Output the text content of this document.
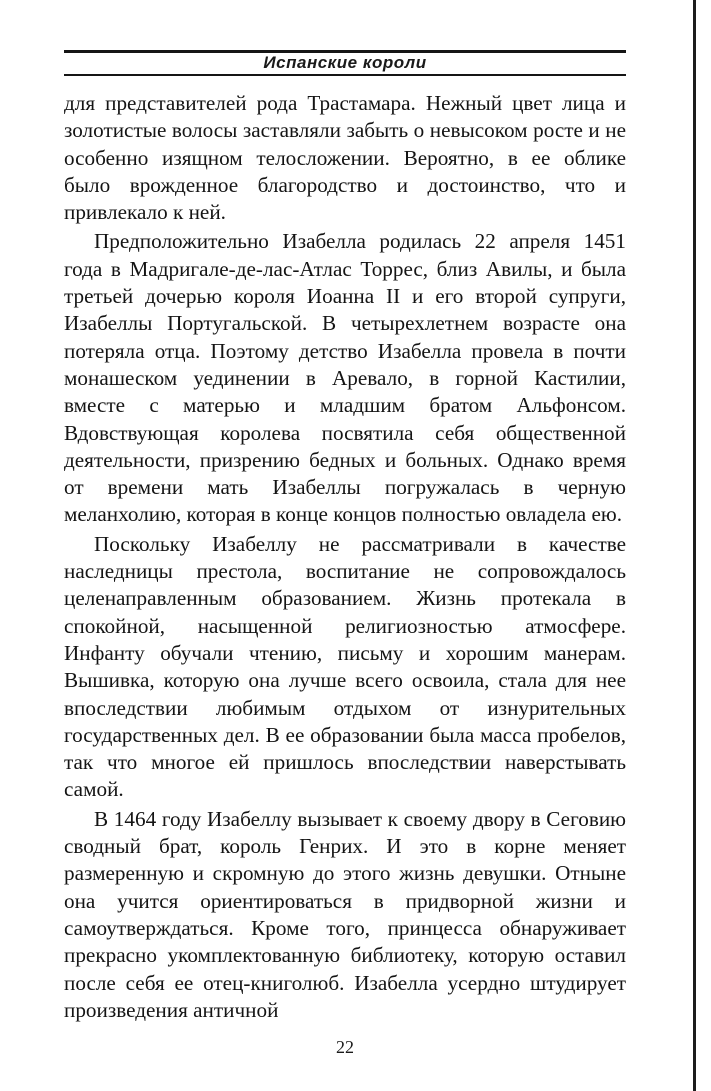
Испанские короли

для представителей рода Трастамара. Нежный цвет лица и золотистые волосы заставляли забыть о невысоком росте и не особенно изящном телосложении. Вероятно, в ее облике было врожденное благородство и достоинство, что и привлекало к ней.

Предположительно Изабелла родилась 22 апреля 1451 года в Мадригале-де-лас-Атлас Торрес, близ Авилы, и была третьей дочерью короля Иоанна II и его второй супруги, Изабеллы Португальской. В четырехлетнем возрасте она потеряла отца. Поэтому детство Изабелла провела в почти монашеском уединении в Аревало, в горной Кастилии, вместе с матерью и младшим братом Альфонсом. Вдовствующая королева посвятила себя общественной деятельности, призрению бедных и больных. Однако время от времени мать Изабеллы погружалась в черную меланхолию, которая в конце концов полностью овладела ею.

Поскольку Изабеллу не рассматривали в качестве наследницы престола, воспитание не сопровождалось целенаправленным образованием. Жизнь протекала в спокойной, насыщенной религиозностью атмосфере. Инфанту обучали чтению, письму и хорошим манерам. Вышивка, которую она лучше всего освоила, стала для нее впоследствии любимым отдыхом от изнурительных государственных дел. В ее образовании была масса пробелов, так что многое ей пришлось впоследствии наверстывать самой.

В 1464 году Изабеллу вызывает к своему двору в Сеговию сводный брат, король Генрих. И это в корне меняет размеренную и скромную до этого жизнь девушки. Отныне она учится ориентироваться в придворной жизни и самоутверждаться. Кроме того, принцесса обнаруживает прекрасно укомплектованную библиотеку, которую оставил после себя ее отец-книголюб. Изабелла усердно штудирует произведения античной

22
